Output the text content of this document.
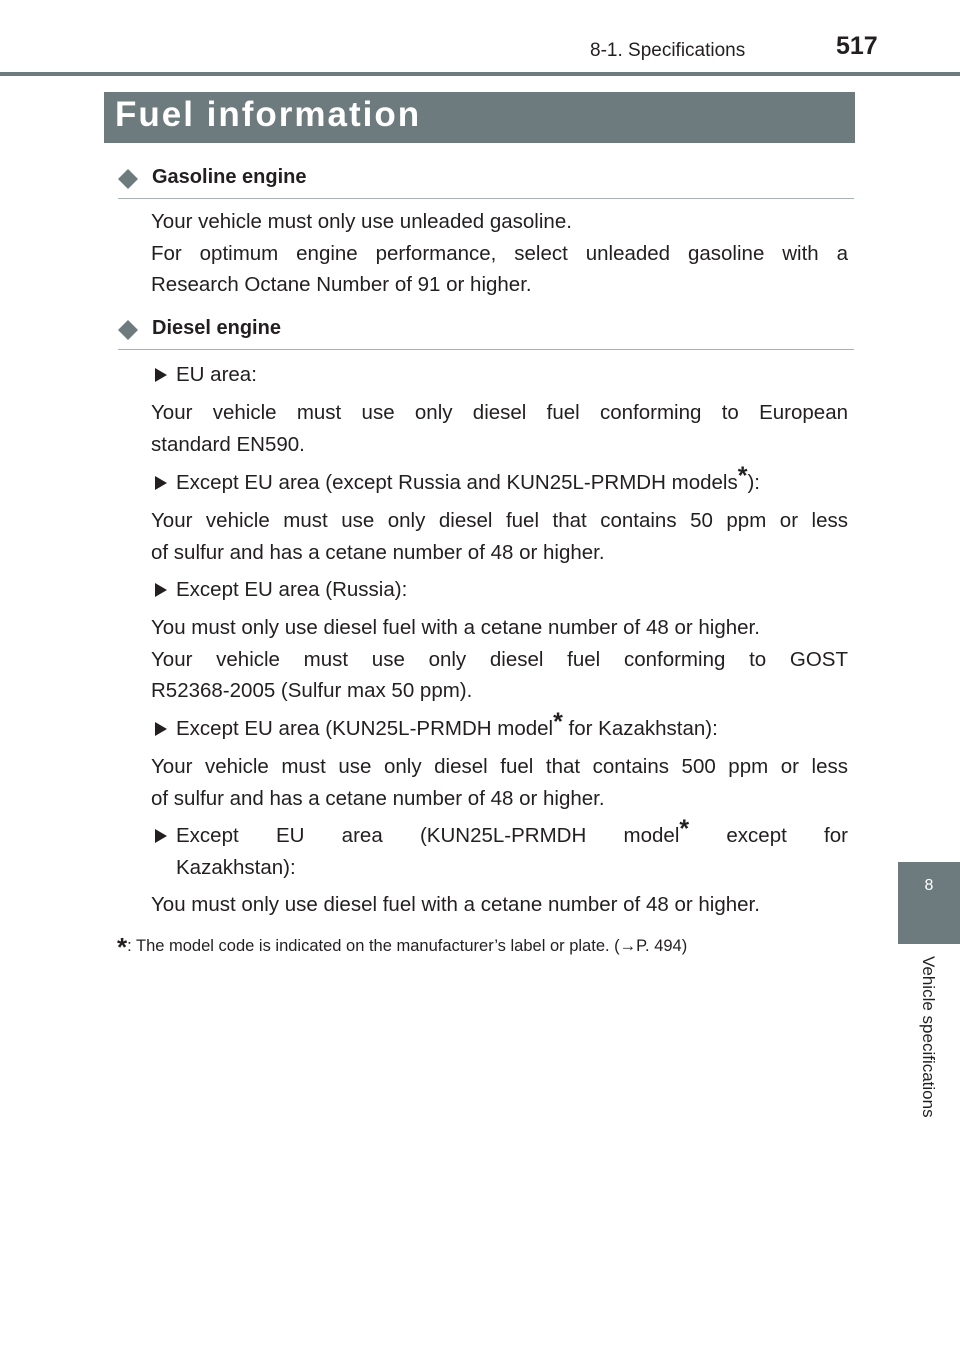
8-1. Specifications	517
8
Vehicle specifications
Fuel information
Gasoline engine
Your vehicle must only use unleaded gasoline.
For optimum engine performance, select unleaded gasoline with a
Research Octane Number of 91 or higher.
Diesel engine
EU area:
Your vehicle must use only diesel fuel conforming to European
standard EN590.
Except EU area (except Russia and KUN25L-PRMDH models*):
Your vehicle must use only diesel fuel that contains 50 ppm or less
of sulfur and has a cetane number of 48 or higher.
Except EU area (Russia):
You must only use diesel fuel with a cetane number of 48 or higher.
Your vehicle must use only diesel fuel conforming to GOST
R52368-2005 (Sulfur max 50 ppm).
Except EU area (KUN25L-PRMDH model* for Kazakhstan):
Your vehicle must use only diesel fuel that contains 500 ppm or less
of sulfur and has a cetane number of 48 or higher.
Except EU area (KUN25L-PRMDH model* except for
Kazakhstan):
You must only use diesel fuel with a cetane number of 48 or higher.
*: The model code is indicated on the manufacturer’s label or plate. (→P. 494)
